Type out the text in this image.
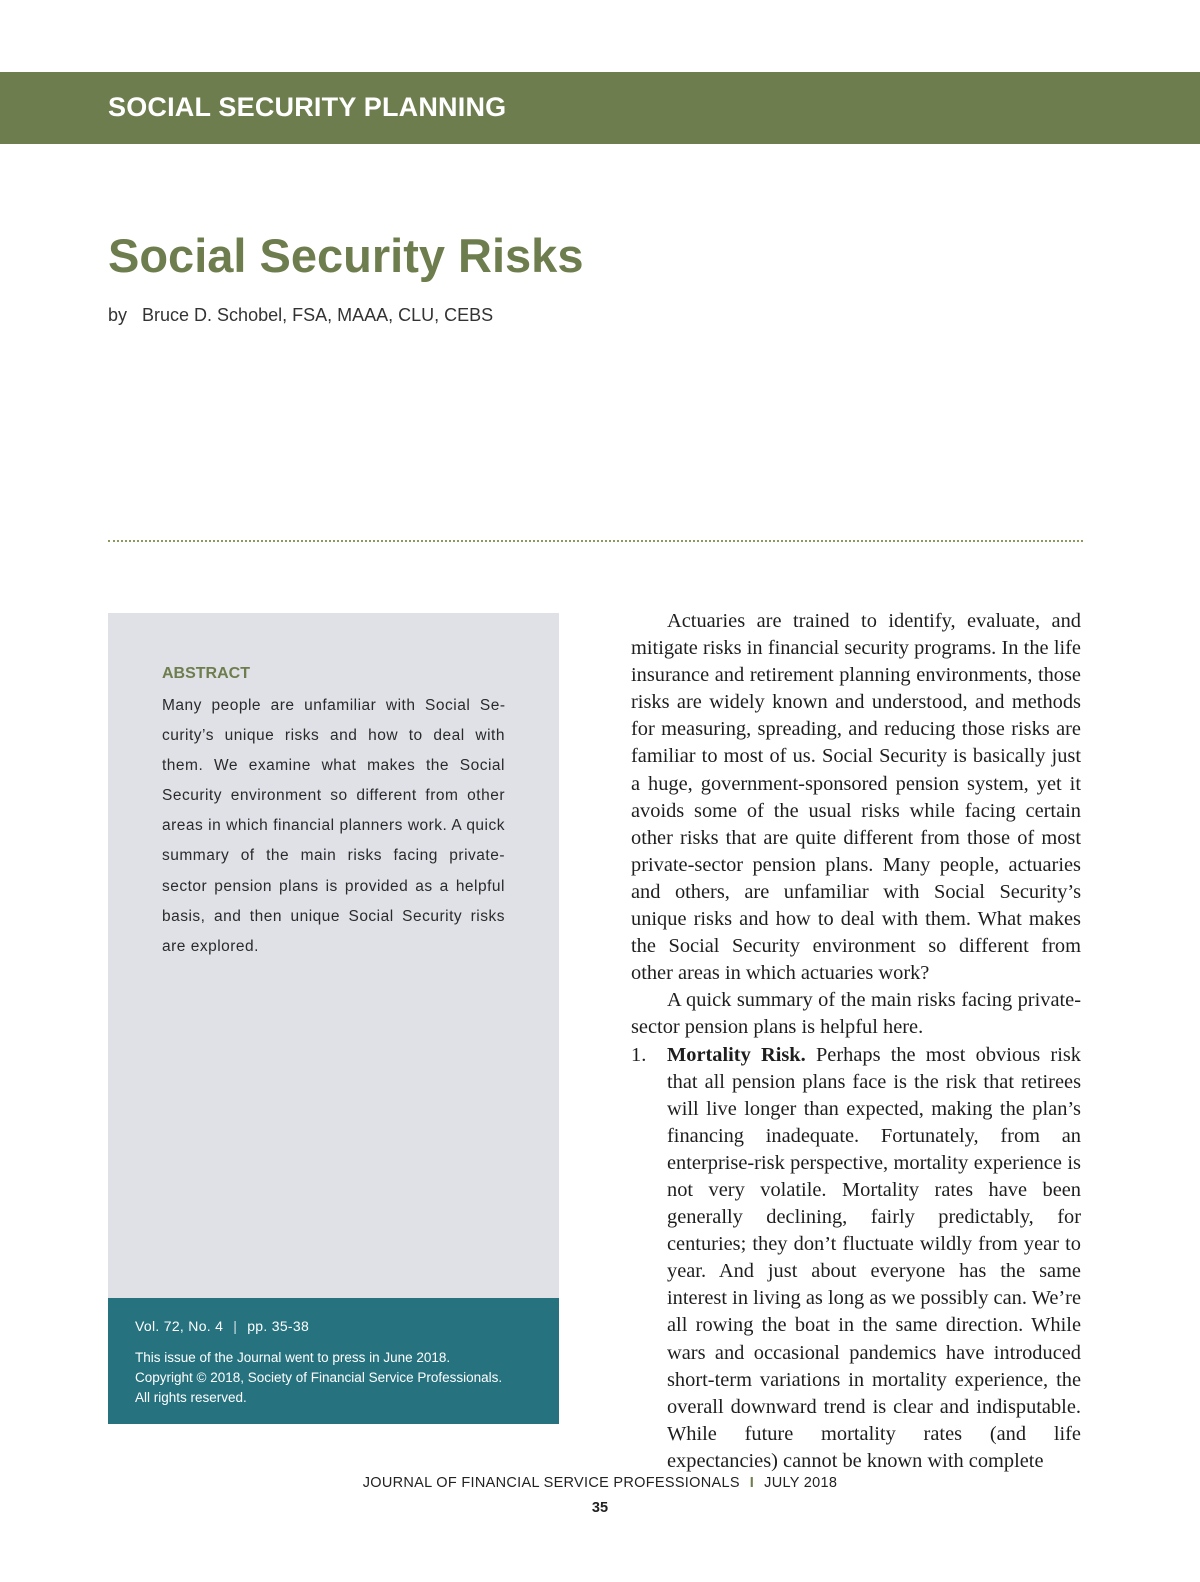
SOCIAL SECURITY PLANNING
Social Security Risks
by Bruce D. Schobel, FSA, MAAA, CLU, CEBS
ABSTRACT
Many people are unfamiliar with Social Security’s unique risks and how to deal with them. We examine what makes the Social Security environment so different from other areas in which financial planners work. A quick summary of the main risks facing private-sector pension plans is provided as a helpful basis, and then unique Social Security risks are explored.
Vol. 72, No. 4 | pp. 35-38
This issue of the Journal went to press in June 2018.
Copyright © 2018, Society of Financial Service Professionals.
All rights reserved.

Actuaries are trained to identify, evaluate, and mitigate risks in financial security programs. In the life insurance and retirement planning environments, those risks are widely known and understood, and methods for measuring, spreading, and reducing those risks are familiar to most of us. Social Security is basically just a huge, government-sponsored pension system, yet it avoids some of the usual risks while facing certain other risks that are quite different from those of most private-sector pension plans. Many people, actuaries and others, are unfamiliar with Social Security’s unique risks and how to deal with them. What makes the Social Security environment so different from other areas in which actuaries work?

A quick summary of the main risks facing private-sector pension plans is helpful here.

1. Mortality Risk. Perhaps the most obvious risk that all pension plans face is the risk that retirees will live longer than expected, making the plan’s financing inadequate. Fortunately, from an enterprise-risk perspective, mortality experience is not very volatile. Mortality rates have been generally declining, fairly predictably, for centuries; they don’t fluctuate wildly from year to year. And just about everyone has the same interest in living as long as we possibly can. We’re all rowing the boat in the same direction. While wars and occasional pandemics have introduced short-term variations in mortality experience, the overall downward trend is clear and indisputable. While future mortality rates (and life expectancies) cannot be known with complete
JOURNAL OF FINANCIAL SERVICE PROFESSIONALS I JULY 2018
35
